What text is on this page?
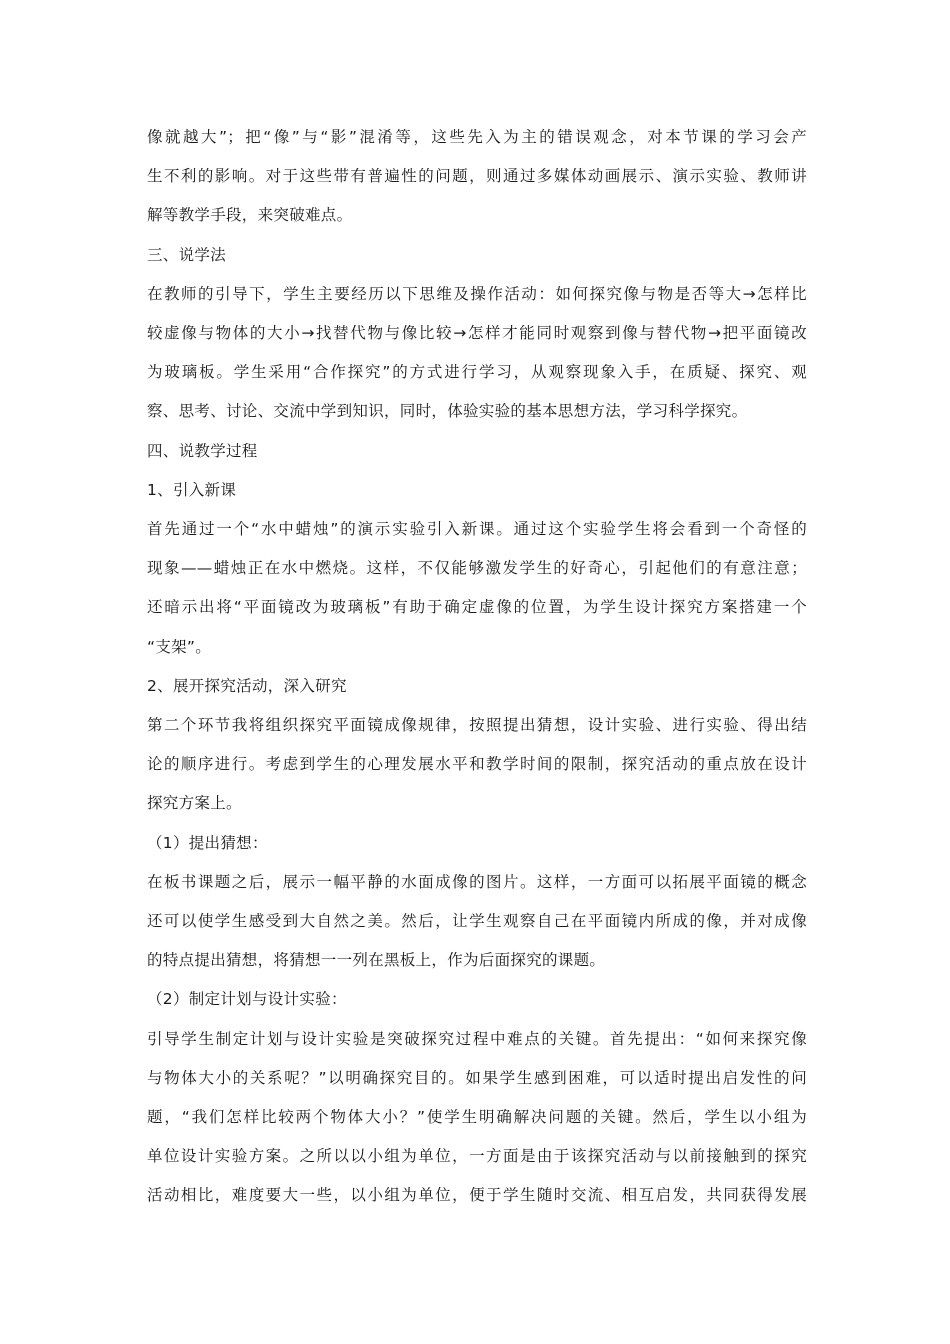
像就越大”；把“像”与“影”混淆等，这些先入为主的错误观念，对本节课的学习会产
生不利的影响。对于这些带有普遍性的问题，则通过多媒体动画展示、演示实验、教师讲
解等教学手段，来突破难点。
三、说学法
在教师的引导下，学生主要经历以下思维及操作活动：如何探究像与物是否等大→怎样比
较虚像与物体的大小→找替代物与像比较→怎样才能同时观察到像与替代物→把平面镜改
为玻璃板。学生采用“合作探究”的方式进行学习，从观察现象入手，在质疑、探究、观
察、思考、讨论、交流中学到知识，同时，体验实验的基本思想方法，学习科学探究。
四、说教学过程
1、引入新课
首先通过一个“水中蜡烛”的演示实验引入新课。通过这个实验学生将会看到一个奇怪的
现象——蜡烛正在水中燃烧。这样，不仅能够激发学生的好奇心，引起他们的有意注意；
还暗示出将“平面镜改为玻璃板”有助于确定虚像的位置，为学生设计探究方案搭建一个
“支架”。
2、展开探究活动，深入研究
第二个环节我将组织探究平面镜成像规律，按照提出猜想，设计实验、进行实验、得出结
论的顺序进行。考虑到学生的心理发展水平和教学时间的限制，探究活动的重点放在设计
探究方案上。
（1）提出猜想：
在板书课题之后，展示一幅平静的水面成像的图片。这样，一方面可以拓展平面镜的概念
还可以使学生感受到大自然之美。然后，让学生观察自己在平面镜内所成的像，并对成像
的特点提出猜想，将猜想一一列在黑板上，作为后面探究的课题。
（2）制定计划与设计实验：
引导学生制定计划与设计实验是突破探究过程中难点的关键。首先提出：“如何来探究像
与物体大小的关系呢？”以明确探究目的。如果学生感到困难，可以适时提出启发性的问
题，“我们怎样比较两个物体大小？”使学生明确解决问题的关键。然后，学生以小组为
单位设计实验方案。之所以以小组为单位，一方面是由于该探究活动与以前接触到的探究
活动相比，难度要大一些，以小组为单位，便于学生随时交流、相互启发，共同获得发展
